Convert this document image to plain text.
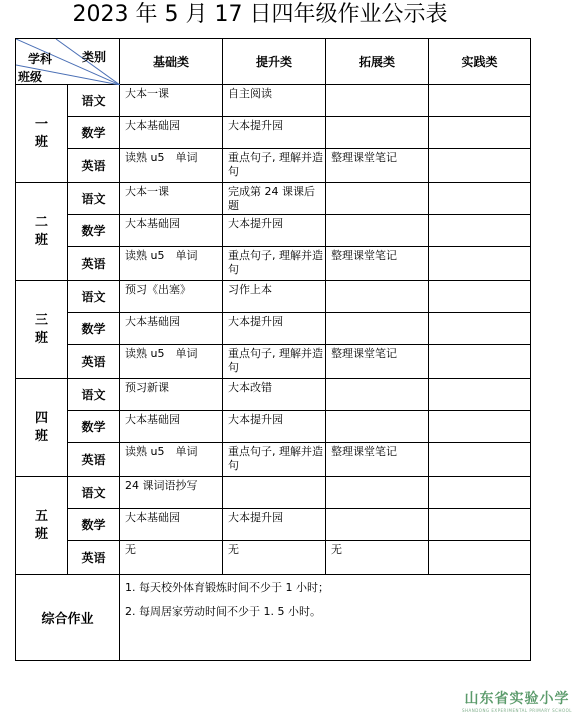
2023 年 5 月 17 日四年级作业公示表
学科 类别
班级		基础类	提升类	拓展类	实践类

一
班	语文	大本一课	自主阅读		
	数学	大本基础园	大本提升园		
	英语	读熟 u5　单词	重点句子, 理解并造句	整理课堂笔记	

二
班	语文	大本一课	完成第 24 课课后题		
	数学	大本基础园	大本提升园		
	英语	读熟 u5　单词	重点句子, 理解并造句	整理课堂笔记	

三
班	语文	预习《出塞》	习作上本		
	数学	大本基础园	大本提升园		
	英语	读熟 u5　单词	重点句子, 理解并造句	整理课堂笔记	

四
班	语文	预习新课	大本改错		
	数学	大本基础园	大本提升园		
	英语	读熟 u5　单词	重点句子, 理解并造句	整理课堂笔记	

五
班	语文	24 课词语抄写			
	数学	大本基础园	大本提升园		
	英语	无	无	无	
综合作业		1. 每天校外体育锻炼时间不少于 1 小时；
2. 每周居家劳动时间不少于 1. 5 小时。			
山东省实验小学
SHANDONG EXPERIMENTAL PRIMARY SCHOOL
